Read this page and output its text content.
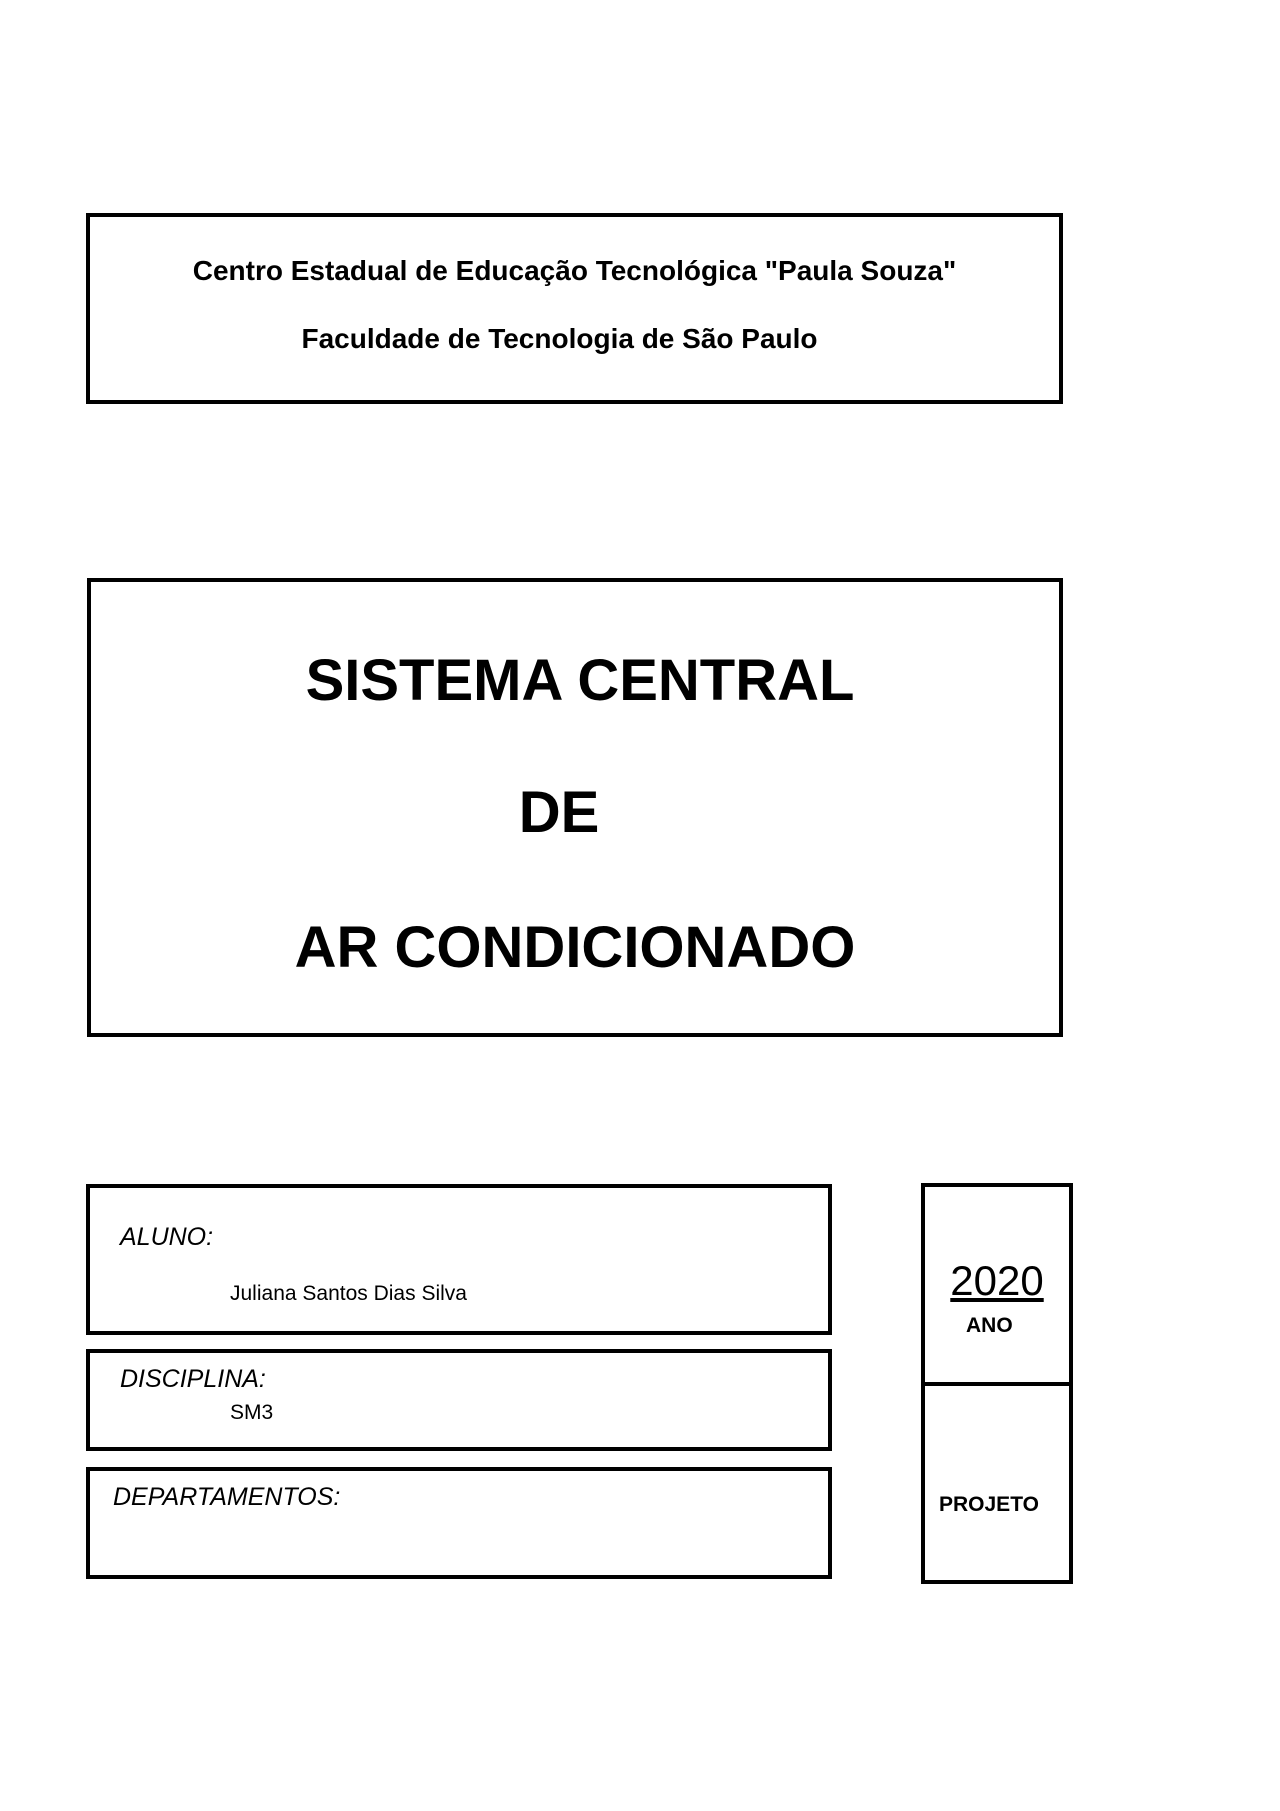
Centro Estadual de Educação Tecnológica "Paula Souza"
Faculdade de Tecnologia de São Paulo
SISTEMA CENTRAL
DE
AR CONDICIONADO
ALUNO:
Juliana Santos Dias Silva
DISCIPLINA:
SM3
DEPARTAMENTOS:
2020
ANO
PROJETO
